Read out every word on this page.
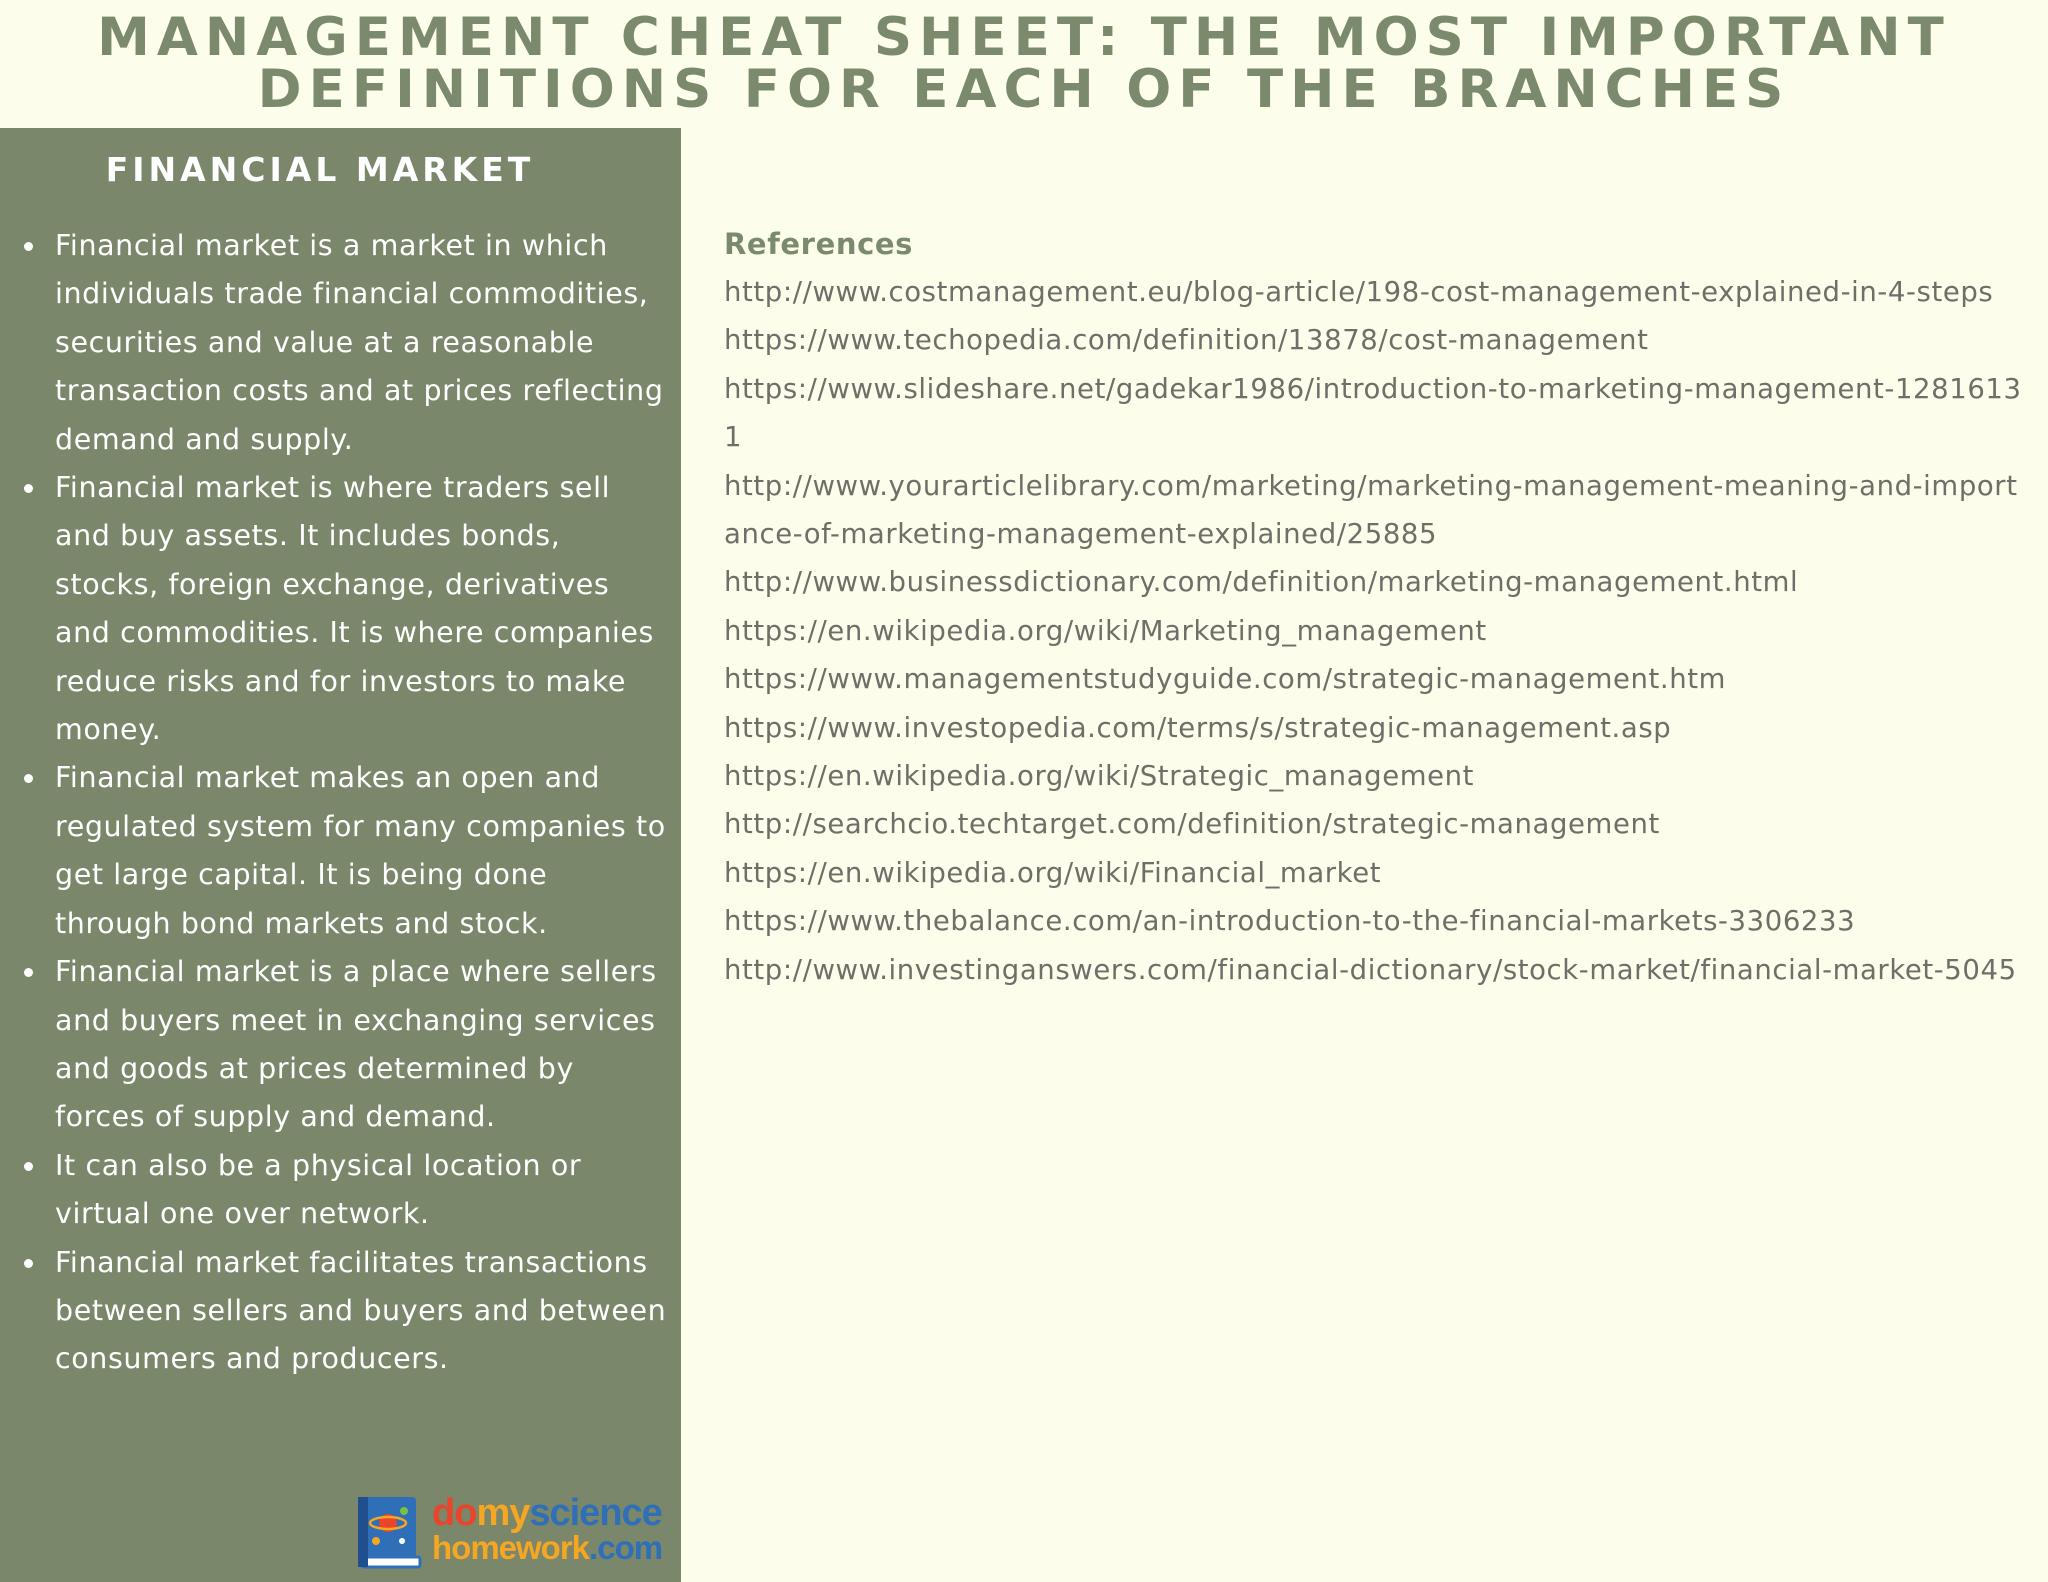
MANAGEMENT CHEAT SHEET: THE MOST IMPORTANT
DEFINITIONS FOR EACH OF THE BRANCHES
FINANCIAL MARKET
Financial market is a market in which individuals trade financial commodities, securities and value at a reasonable transaction costs and at prices reflecting demand and supply.
Financial market is where traders sell and buy assets. It includes bonds, stocks, foreign exchange, derivatives and commodities. It is where companies reduce risks and for investors to make money.
Financial market makes an open and regulated system for many companies to get large capital. It is being done through bond markets and stock.
Financial market is a place where sellers and buyers meet in exchanging services and goods at prices determined by forces of supply and demand.
It can also be a physical location or virtual one over network.
Financial market facilitates transactions between sellers and buyers and between consumers and producers.
domyscience
homework.com
References
http://www.costmanagement.eu/blog-article/198-cost-management-explained-in-4-steps
https://www.techopedia.com/definition/13878/cost-management
https://www.slideshare.net/gadekar1986/introduction-to-marketing-management-12816131
http://www.yourarticlelibrary.com/marketing/marketing-management-meaning-and-importance-of-marketing-management-explained/25885
http://www.businessdictionary.com/definition/marketing-management.html
https://en.wikipedia.org/wiki/Marketing_management
https://www.managementstudyguide.com/strategic-management.htm
https://www.investopedia.com/terms/s/strategic-management.asp
https://en.wikipedia.org/wiki/Strategic_management
http://searchcio.techtarget.com/definition/strategic-management
https://en.wikipedia.org/wiki/Financial_market
https://www.thebalance.com/an-introduction-to-the-financial-markets-3306233
http://www.investinganswers.com/financial-dictionary/stock-market/financial-market-5045
